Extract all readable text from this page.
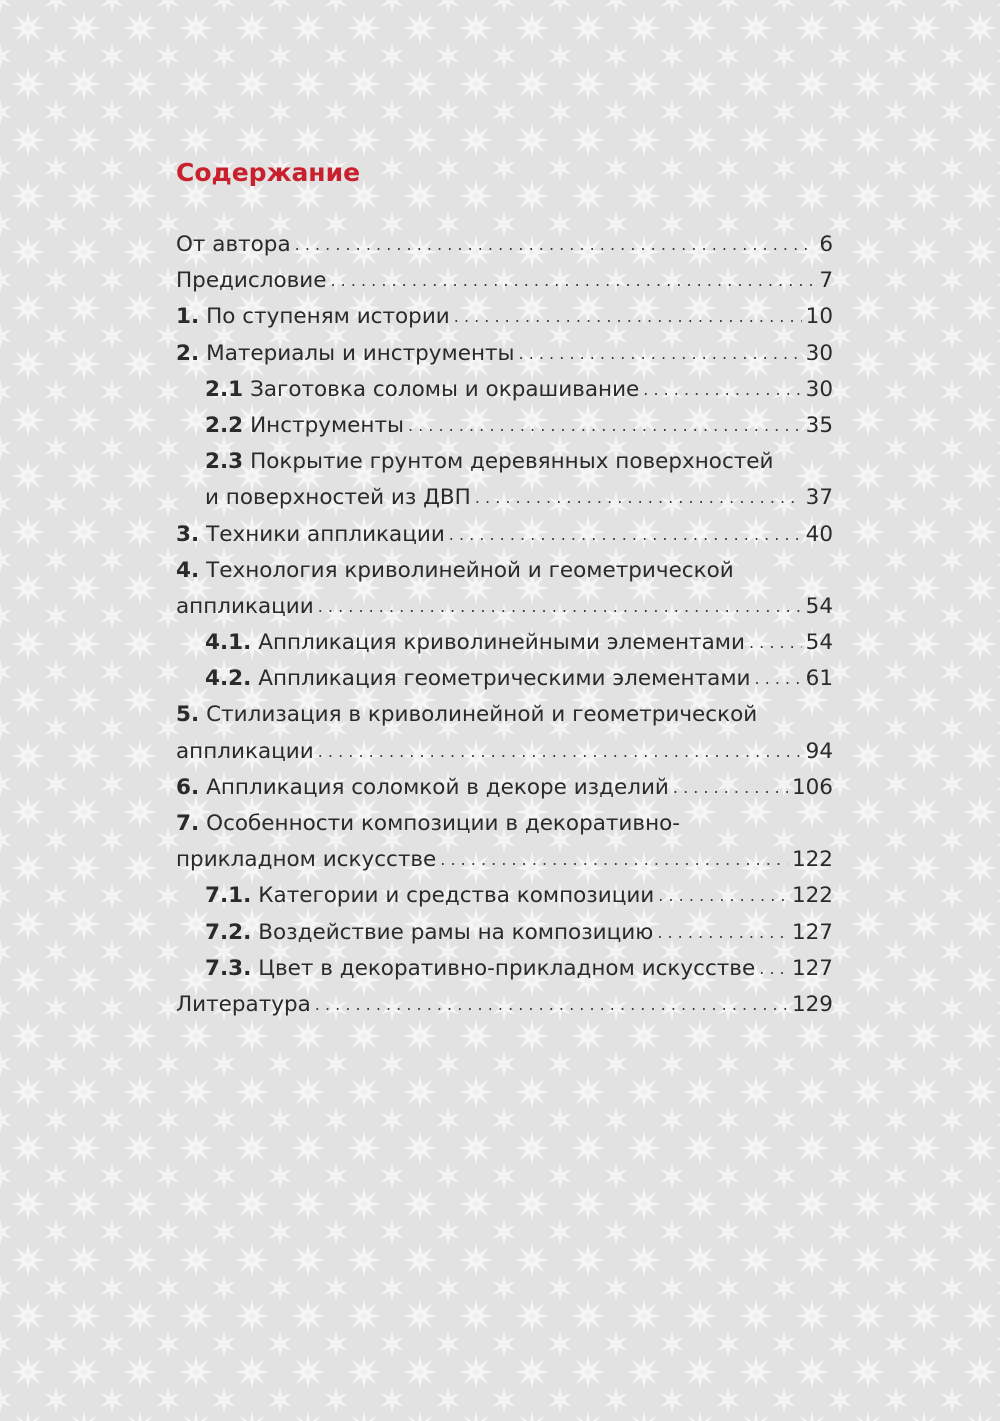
Содержание
От автора . . .	6
Предисловие . . .	7
1. По ступеням истории . . .	10
2. Материалы и инструменты . . .	30
2.1 Заготовка соломы и окрашивание . . .	30
2.2 Инструменты . . .	35
2.3 Покрытие грунтом деревянных поверхностей
и поверхностей из ДВП . . .	37
3. Техники аппликации . . .	40
4. Технология криволинейной и геометрической
аппликации . . .	54
4.1. Аппликация криволинейными элементами . . .	54
4.2. Аппликация геометрическими элементами . . .	61
5. Стилизация в криволинейной и геометрической
аппликации . . .	94
6. Аппликация соломкой в декоре изделий . . .	106
7. Особенности композиции в декоративно-
прикладном искусстве . . .	122
7.1. Категории и средства композиции . . .	122
7.2. Воздействие рамы на композицию . . .	127
7.3. Цвет в декоративно-прикладном искусстве . . . 127
Литература . . .	129
